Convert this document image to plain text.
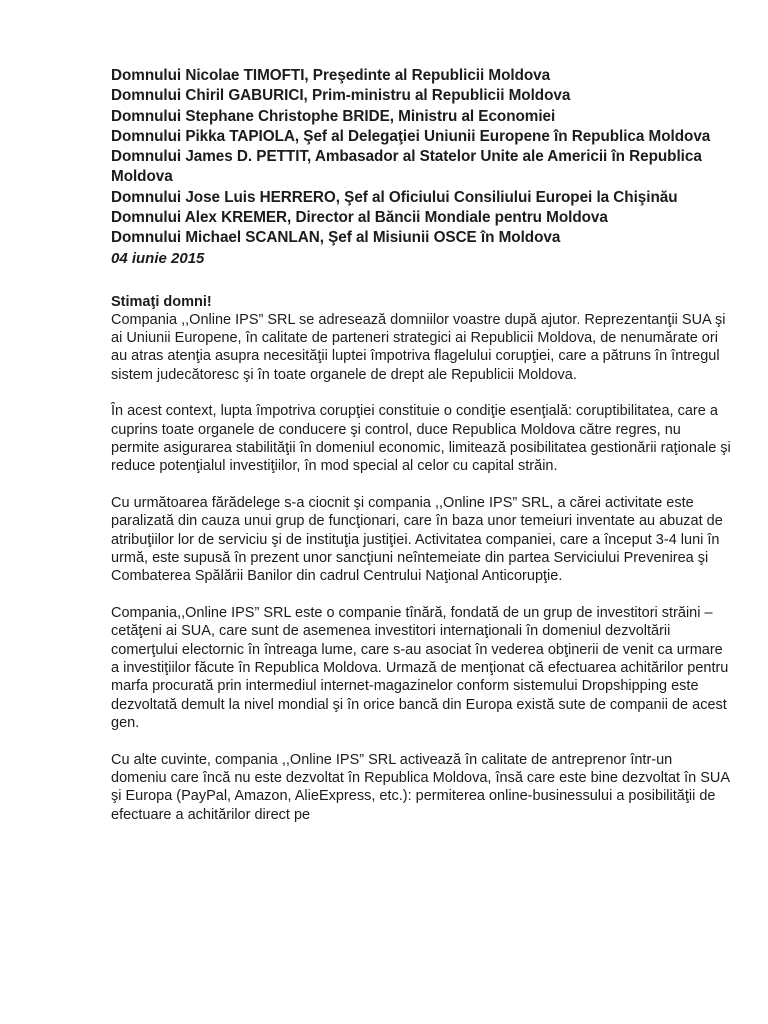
Domnului Nicolae TIMOFTI, Preşedinte al Republicii Moldova
Domnului Chiril GABURICI, Prim-ministru al Republicii Moldova
Domnului Stephane Christophe BRIDE, Ministru al Economiei
Domnului Pikka TAPIOLA, Şef al Delegaţiei Uniunii Europene în Republica Moldova
Domnului James D. PETTIT, Ambasador al Statelor Unite ale Americii în Republica Moldova
Domnului Jose Luis HERRERO, Şef al Oficiului Consiliului Europei la Chişinău
Domnului Alex KREMER, Director al Băncii Mondiale pentru Moldova
Domnului Michael SCANLAN, Şef al Misiunii OSCE în Moldova
04 iunie 2015
Stimaţi domni!

Compania ,,Online IPS” SRL se adresează domniilor voastre după ajutor. Reprezentanţii SUA şi ai Uniunii Europene, în calitate de parteneri strategici ai Republicii Moldova, de nenumărate ori au atras atenţia asupra necesităţii luptei împotriva flagelului corupţiei, care a pătruns în întregul sistem judecătoresc şi în toate organele de drept ale Republicii Moldova.

În acest context, lupta împotriva corupţiei constituie o condiţie esenţială: coruptibilitatea, care a cuprins toate organele de conducere şi control, duce Republica Moldova către regres, nu permite asigurarea stabilităţii în domeniul economic, limitează posibilitatea gestionării raţionale şi reduce potenţialul investiţiilor, în mod special al celor cu capital străin.

Cu următoarea fărădelege s-a ciocnit şi compania ,,Online IPS” SRL, a cărei activitate este paralizată din cauza unui grup de funcţionari, care în baza unor temeiuri inventate au abuzat de atribuţiilor lor de serviciu şi de instituţia justiţiei. Activitatea companiei, care a început 3-4 luni în urmă, este supusă în prezent unor sancţiuni neîntemeiate din partea Serviciului Prevenirea şi Combaterea Spălării Banilor din cadrul Centrului Naţional Anticorupţie.

Compania,,Online IPS” SRL este o companie tînără, fondată de un grup de investitori străini – cetăţeni ai SUA, care sunt de asemenea investitori internaţionali în domeniul dezvoltării comerţului electornic în întreaga lume, care s-au asociat în vederea obţinerii de venit ca urmare a investiţiilor făcute în Republica Moldova. Urmază de menţionat că efectuarea achitărilor pentru marfa procurată prin intermediul internet-magazinelor conform sistemului Dropshipping este dezvoltată demult la nivel mondial şi în orice bancă din Europa există sute de companii de acest gen.

Cu alte cuvinte, compania ,,Online IPS” SRL activează în calitate de antreprenor într-un domeniu care încă nu este dezvoltat în Republica Moldova, însă care este bine dezvoltat în SUA şi Europa (PayPal, Amazon, AlieExpress, etc.): permiterea online-businessului a posibilităţii de efectuare a achitărilor direct pe
